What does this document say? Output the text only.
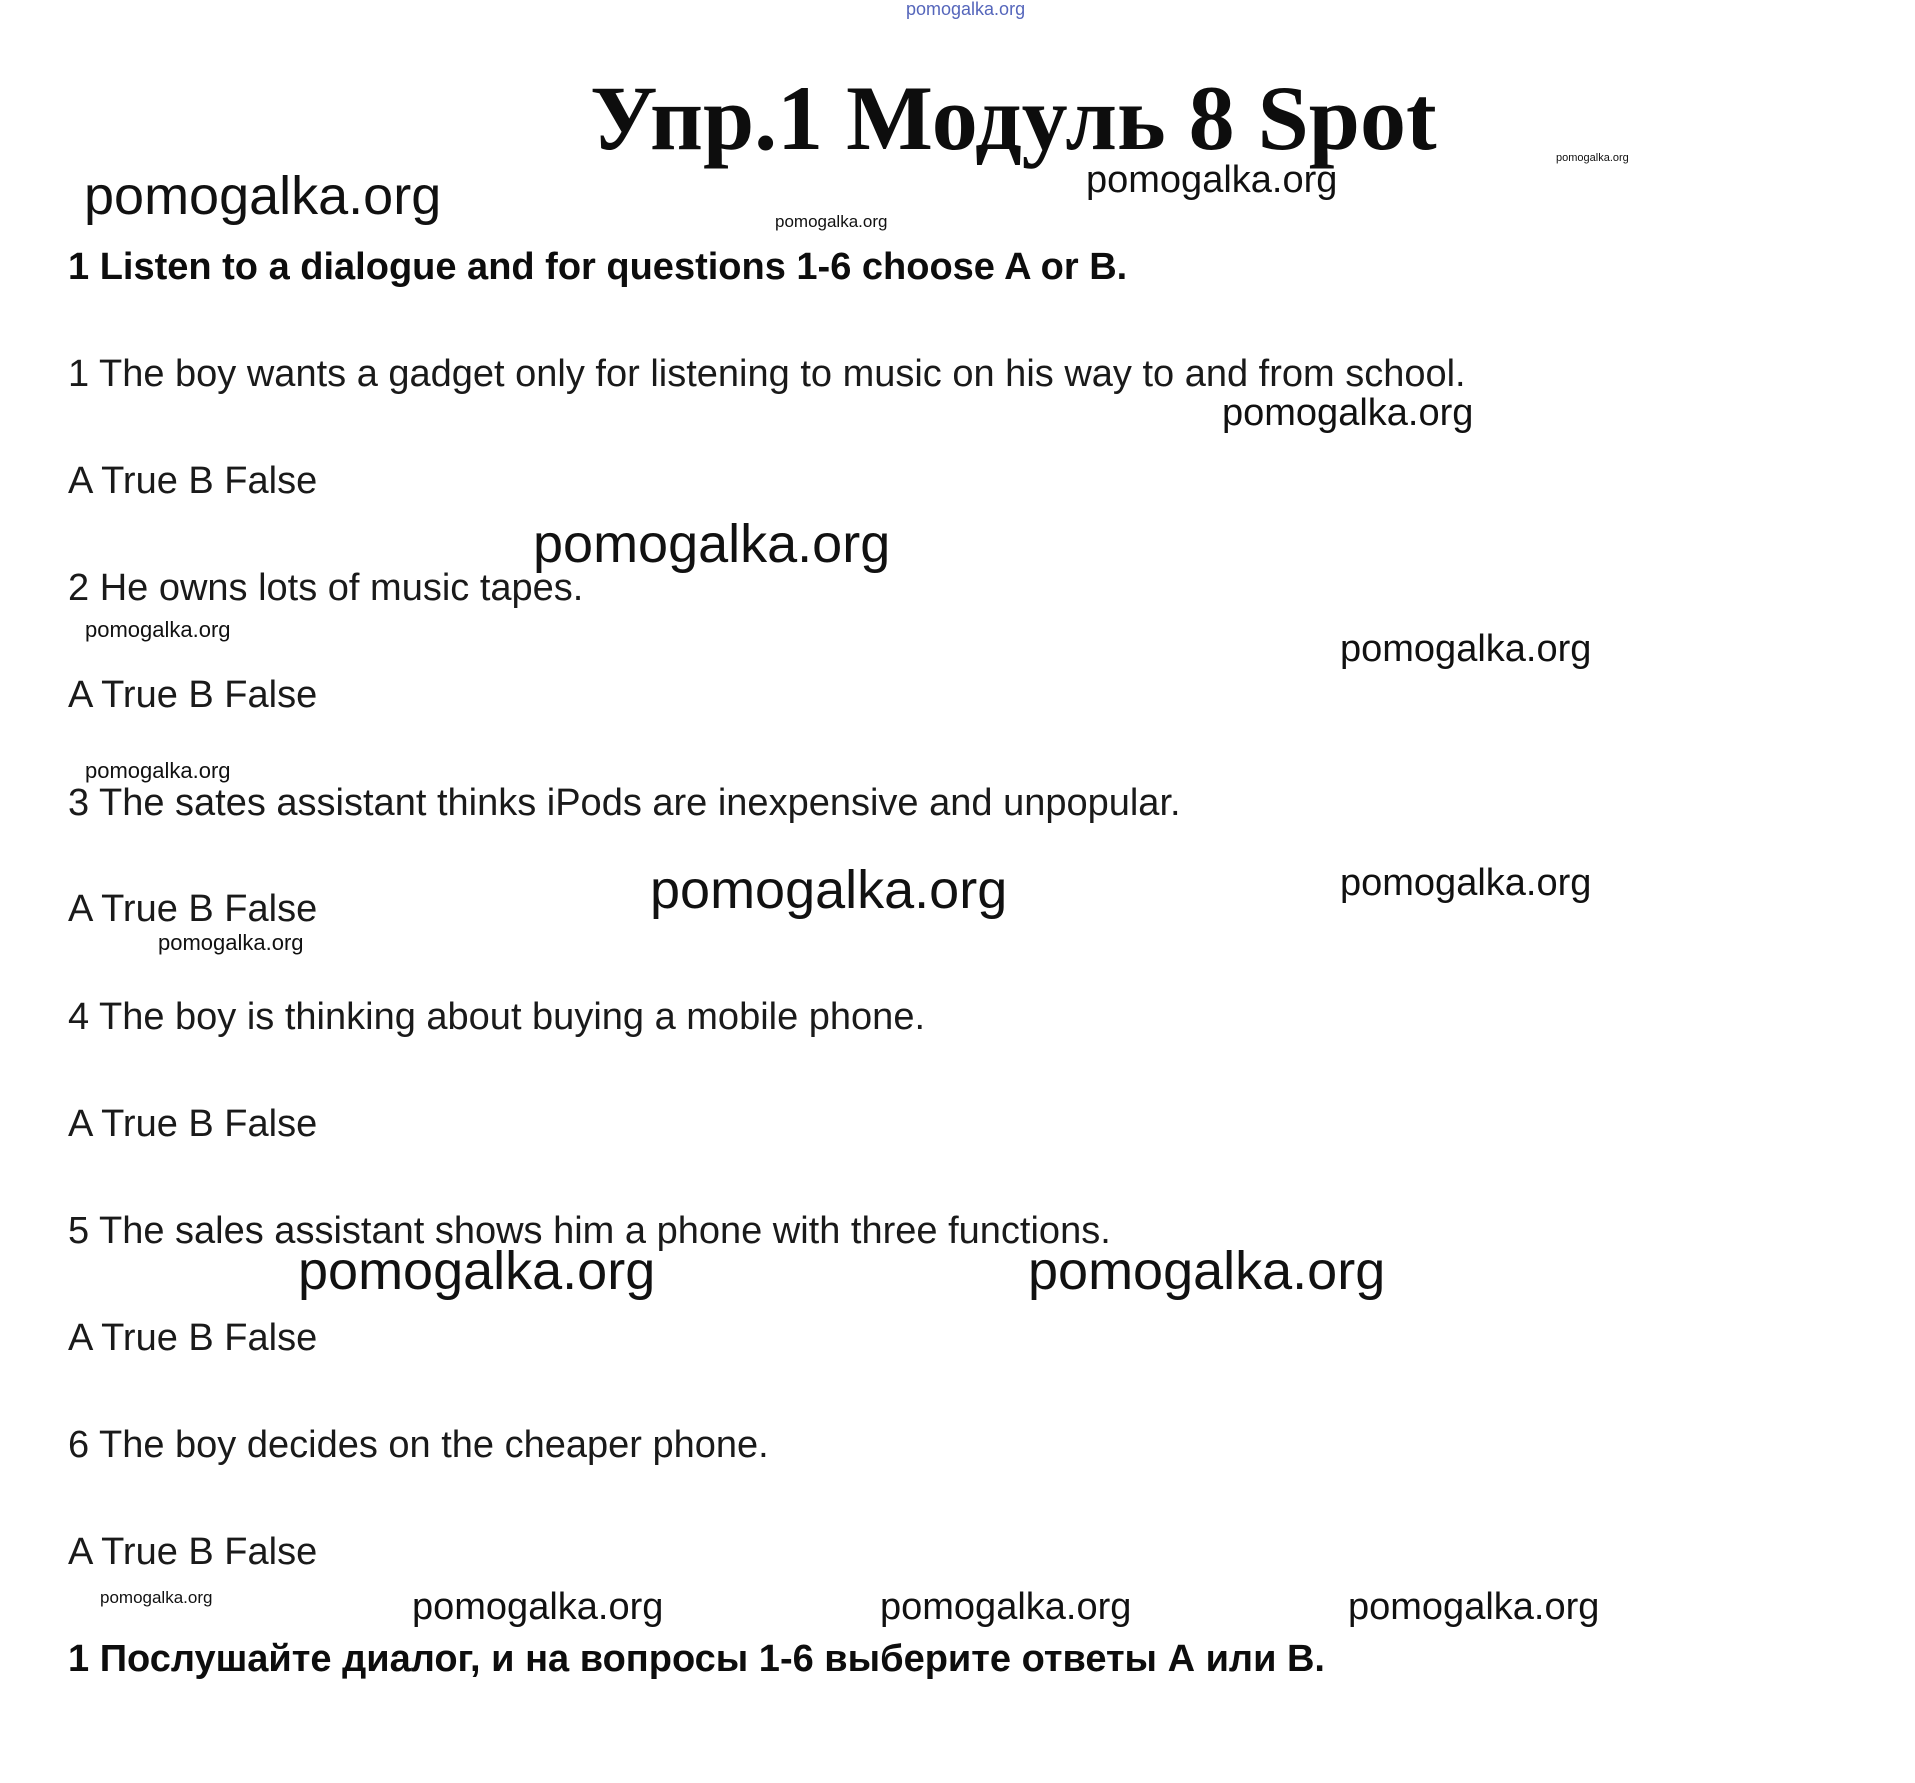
pomogalka.org
Упр.1 Модуль 8 Spot	pomogalka.org
pomogalka.org	pomogalka.org
pomogalka.org
1 Listen to a dialogue and for questions 1-6 choose A or B.
1 The boy wants a gadget only for listening to music on his way to and from school.
pomogalka.org
A True B False
pomogalka.org
2 He owns lots of music tapes.
pomogalka.org	pomogalka.org
A True B False
pomogalka.org
3 The sates assistant thinks iPods are inexpensive and unpopular.
pomogalka.org	pomogalka.org
A True B False
pomogalka.org
4 The boy is thinking about buying a mobile phone.
A True B False
5 The sales assistant shows him a phone with three functions.
pomogalka.org	pomogalka.org
A True B False
6 The boy decides on the cheaper phone.
A True B False
pomogalka.org	pomogalka.org	pomogalka.org	pomogalka.org
1 Послушайте диалог, и на вопросы 1-6 выберите ответы А или В.
